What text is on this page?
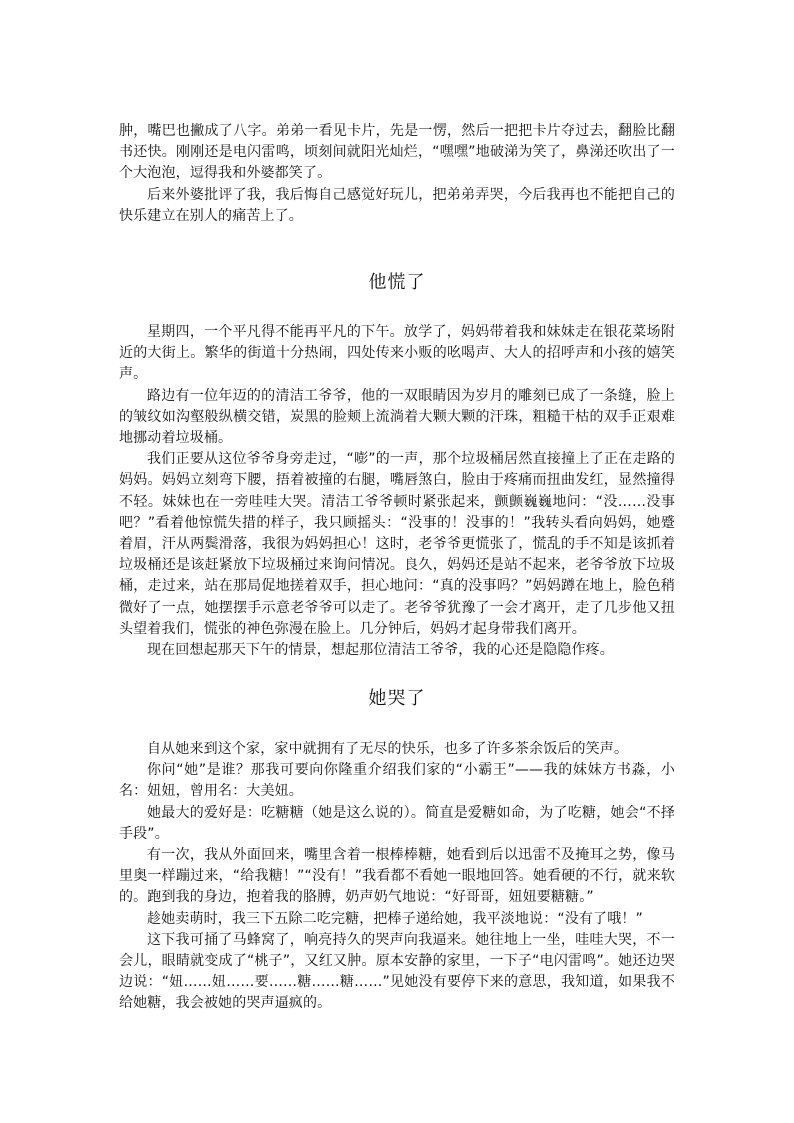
肿，嘴巴也撇成了八字。弟弟一看见卡片，先是一愣，然后一把把卡片夺过去，翻脸比翻书还快。刚刚还是电闪雷鸣，顷刻间就阳光灿烂，“嘿嘿”地破涕为笑了，鼻涕还吹出了一个大泡泡，逗得我和外婆都笑了。

后来外婆批评了我，我后悔自己感觉好玩儿，把弟弟弄哭，今后我再也不能把自己的快乐建立在别人的痛苦上了。

他慌了

星期四，一个平凡得不能再平凡的下午。放学了，妈妈带着我和妹妹走在银花菜场附近的大街上。繁华的街道十分热闹，四处传来小贩的吆喝声、大人的招呼声和小孩的嬉笑声。

路边有一位年迈的的清洁工爷爷，他的一双眼睛因为岁月的雕刻已成了一条缝，脸上的皱纹如沟壑般纵横交错，炭黑的脸颊上流淌着大颗大颗的汗珠，粗糙干枯的双手正艰难地挪动着垃圾桶。

我们正要从这位爷爷身旁走过，“嘭”的一声，那个垃圾桶居然直接撞上了正在走路的妈妈。妈妈立刻弯下腰，捂着被撞的右腿，嘴唇煞白，脸由于疼痛而扭曲发红，显然撞得不轻。妹妹也在一旁哇哇大哭。清洁工爷爷顿时紧张起来，颤颤巍巍地问：“没……没事吧？”看着他惊慌失措的样子，我只顾摇头：“没事的！没事的！”我转头看向妈妈，她蹙着眉，汗从两鬓滑落，我很为妈妈担心！这时，老爷爷更慌张了，慌乱的手不知是该抓着垃圾桶还是该赶紧放下垃圾桶过来询问情况。良久，妈妈还是站不起来，老爷爷放下垃圾桶，走过来，站在那局促地搓着双手，担心地问：“真的没事吗？”妈妈蹲在地上，脸色稍微好了一点，她摆摆手示意老爷爷可以走了。老爷爷犹豫了一会才离开，走了几步他又扭头望着我们，慌张的神色弥漫在脸上。几分钟后，妈妈才起身带我们离开。

现在回想起那天下午的情景，想起那位清洁工爷爷，我的心还是隐隐作疼。

她哭了

自从她来到这个家，家中就拥有了无尽的快乐，也多了许多茶余饭后的笑声。

你问“她”是谁？那我可要向你隆重介绍我们家的“小霸王”——我的妹妹方书淼，小名：妞妞，曾用名：大美妞。

她最大的爱好是：吃糖糖（她是这么说的）。简直是爱糖如命，为了吃糖，她会“不择手段”。

有一次，我从外面回来，嘴里含着一根棒棒糖，她看到后以迅雷不及掩耳之势，像马里奥一样蹦过来，“给我糖！”“没有！”我看都不看她一眼地回答。她看硬的不行，就来软的。跑到我的身边，抱着我的胳膊，奶声奶气地说：“好哥哥，妞妞要糖糖。”

趁她卖萌时，我三下五除二吃完糖，把棒子递给她，我平淡地说：“没有了哦！”

这下我可捅了马蜂窝了，响亮持久的哭声向我逼来。她往地上一坐，哇哇大哭，不一会儿，眼睛就变成了“桃子”，又红又肿。原本安静的家里，一下子“电闪雷鸣”。她还边哭边说：“妞……妞……要……糖……糖……”见她没有要停下来的意思，我知道，如果我不给她糖，我会被她的哭声逼疯的。
